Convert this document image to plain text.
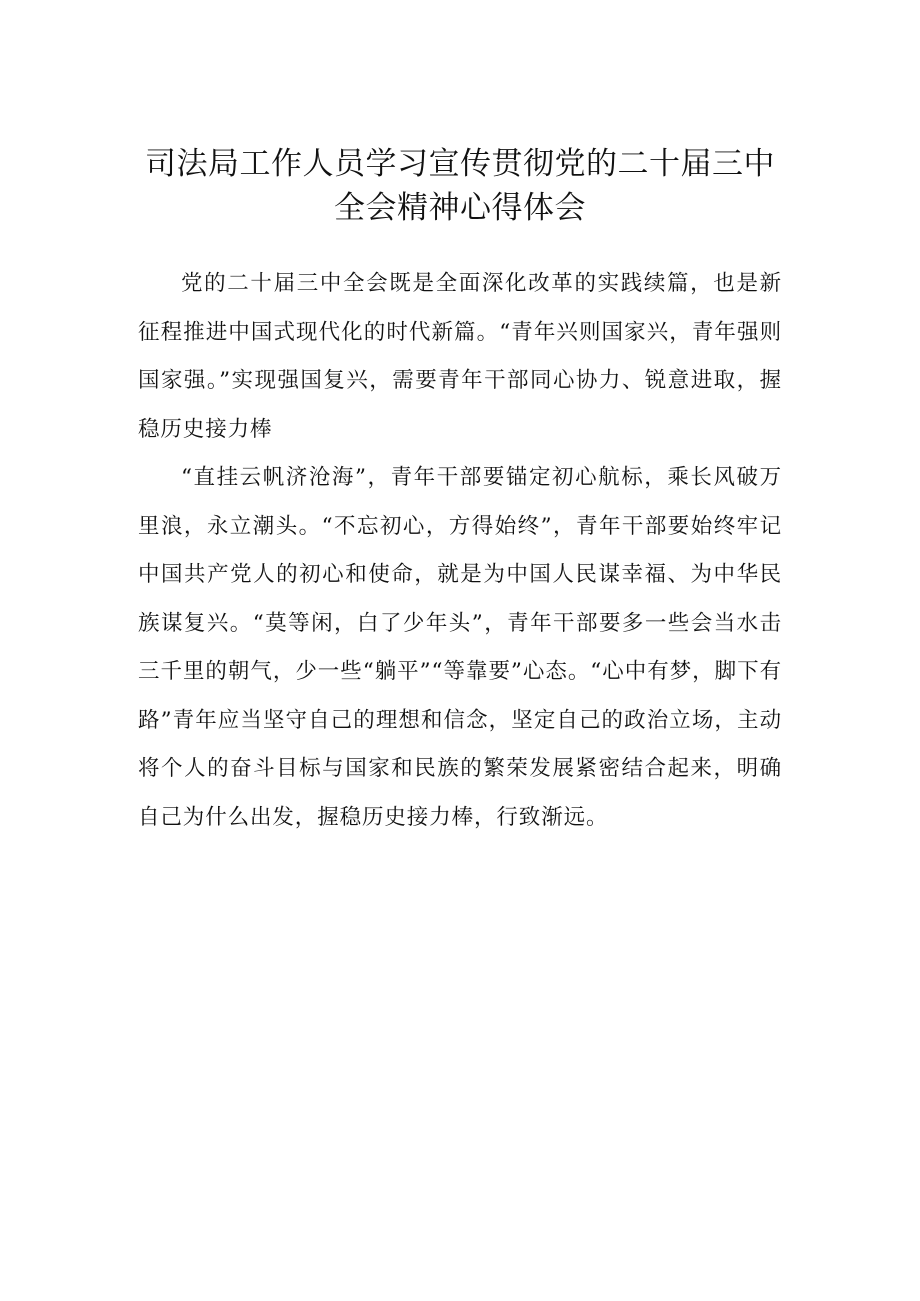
司法局工作人员学习宣传贯彻党的二十届三中
全会精神心得体会

党的二十届三中全会既是全面深化改革的实践续篇，也是新征程推进中国式现代化的时代新篇。“青年兴则国家兴，青年强则国家强。”实现强国复兴，需要青年干部同心协力、锐意进取，握稳历史接力棒

“直挂云帆济沧海”，青年干部要锚定初心航标，乘长风破万里浪，永立潮头。“不忘初心，方得始终”，青年干部要始终牢记中国共产党人的初心和使命，就是为中国人民谋幸福、为中华民族谋复兴。“莫等闲，白了少年头”，青年干部要多一些会当水击三千里的朝气，少一些“躺平”“等靠要”心态。“心中有梦，脚下有路”青年应当坚守自己的理想和信念，坚定自己的政治立场，主动将个人的奋斗目标与国家和民族的繁荣发展紧密结合起来，明确自己为什么出发，握稳历史接力棒，行致渐远。
